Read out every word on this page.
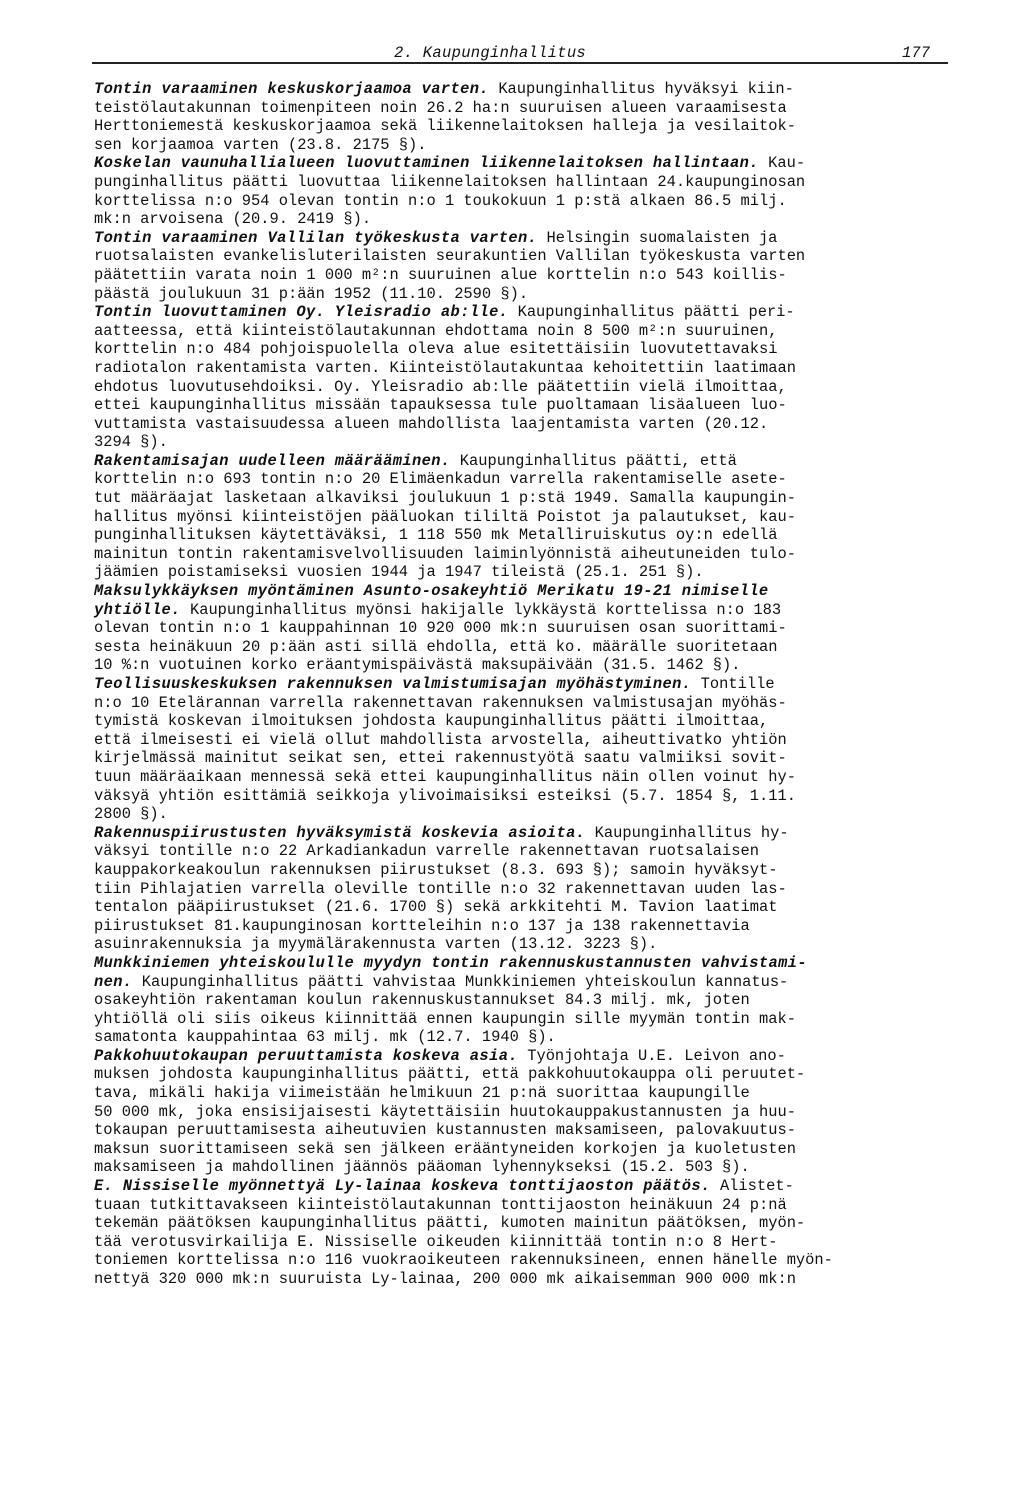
2. Kaupunginhallitus	177
Tontin varaaminen keskuskorjaamoa varten. Kaupunginhallitus hyväksyi kiin-
teistölautakunnan toimenpiteen noin 26.2 ha:n suuruisen alueen varaamisesta
Herttoniemestä keskuskorjaamoa sekä liikennelaitoksen halleja ja vesilaitok-
sen korjaamoa varten (23.8. 2175 §).
Koskelan vaunuhallialueen luovuttaminen liikennelaitoksen hallintaan. Kau-
punginhallitus päätti luovuttaa liikennelaitoksen hallintaan 24.kaupunginosan
korttelissa n:o 954 olevan tontin n:o 1 toukokuun 1 p:stä alkaen 86.5 milj.
mk:n arvoisena (20.9. 2419 §).
Tontin varaaminen Vallilan työkeskusta varten. Helsingin suomalaisten ja
ruotsalaisten evankelisluterilaisten seurakuntien Vallilan työkeskusta varten
päätettiin varata noin 1 000 m²:n suuruinen alue korttelin n:o 543 koillis-
päästä joulukuun 31 p:ään 1952 (11.10. 2590 §).
Tontin luovuttaminen Oy. Yleisradio ab:lle. Kaupunginhallitus päätti peri-
aatteessa, että kiinteistölautakunnan ehdottama noin 8 500 m²:n suuruinen,
korttelin n:o 484 pohjoispuolella oleva alue esitettäisiin luovutettavaksi
radiotalon rakentamista varten. Kiinteistölautakuntaa kehoitettiin laatimaan
ehdotus luovutusehdoiksi. Oy. Yleisradio ab:lle päätettiin vielä ilmoittaa,
ettei kaupunginhallitus missään tapauksessa tule puoltamaan lisäalueen luo-
vuttamista vastaisuudessa alueen mahdollista laajentamista varten (20.12.
3294 §).
Rakentamisajan uudelleen määrääminen. Kaupunginhallitus päätti, että
korttelin n:o 693 tontin n:o 20 Elimäenkadun varrella rakentamiselle asete-
tut määräajat lasketaan alkaviksi joulukuun 1 p:stä 1949. Samalla kaupungin-
hallitus myönsi kiinteistöjen pääluokan tililtä Poistot ja palautukset, kau-
punginhallituksen käytettäväksi, 1 118 550 mk Metalliruiskutus oy:n edellä
mainitun tontin rakentamisvelvollisuuden laiminlyönnistä aiheutuneiden tulo-
jäämien poistamiseksi vuosien 1944 ja 1947 tileistä (25.1. 251 §).
Maksulykkäyksen myöntäminen Asunto-osakeyhtiö Merikatu 19-21 nimiselle
yhtiölle. Kaupunginhallitus myönsi hakijalle lykkäystä korttelissa n:o 183
olevan tontin n:o 1 kauppahinnan 10 920 000 mk:n suuruisen osan suorittami-
sesta heinäkuun 20 p:ään asti sillä ehdolla, että ko. määrälle suoritetaan
10 %:n vuotuinen korko eräantymispäivästä maksupäivään (31.5. 1462 §).
Teollisuuskeskuksen rakennuksen valmistumisajan myöhästyminen. Tontille
n:o 10 Etelärannan varrella rakennettavan rakennuksen valmistusajan myöhäs-
tymistä koskevan ilmoituksen johdosta kaupunginhallitus päätti ilmoittaa,
että ilmeisesti ei vielä ollut mahdollista arvostella, aiheuttivatko yhtiön
kirjelmässä mainitut seikat sen, ettei rakennustyötä saatu valmiiksi sovit-
tuun määräaikaan mennessä sekä ettei kaupunginhallitus näin ollen voinut hy-
väksyä yhtiön esittämiä seikkoja ylivoimaisiksi esteiksi (5.7. 1854 §, 1.11.
2800 §).
Rakennuspiirustusten hyväksymistä koskevia asioita. Kaupunginhallitus hy-
väksyi tontille n:o 22 Arkadiankadun varrelle rakennettavan ruotsalaisen
kauppakorkeakoulun rakennuksen piirustukset (8.3. 693 §); samoin hyväksyt-
tiin Pihlajatien varrella oleville tontille n:o 32 rakennettavan uuden las-
tentalon pääpiirustukset (21.6. 1700 §) sekä arkkitehti M. Tavion laatimat
piirustukset 81.kaupunginosan kortteleihin n:o 137 ja 138 rakennettavia
asuinrakennuksia ja myymälärakennusta varten (13.12. 3223 §).
Munkkiniemen yhteiskoululle myydyn tontin rakennuskustannusten vahvistami-
nen. Kaupunginhallitus päätti vahvistaa Munkkiniemen yhteiskoulun kannatus-
osakeyhtiön rakentaman koulun rakennuskustannukset 84.3 milj. mk, joten
yhtiöllä oli siis oikeus kiinnittää ennen kaupungin sille myymän tontin mak-
samatonta kauppahintaa 63 milj. mk (12.7. 1940 §).
Pakkohuutokaupan peruuttamista koskeva asia. Työnjohtaja U.E. Leivon ano-
muksen johdosta kaupunginhallitus päätti, että pakkohuutokauppa oli peruutet-
tava, mikäli hakija viimeistään helmikuun 21 p:nä suorittaa kaupungille
50 000 mk, joka ensisijaisesti käytettäisiin huutokauppakustannusten ja huu-
tokaupan peruuttamisesta aiheutuvien kustannusten maksamiseen, palovakuutus-
maksun suorittamiseen sekä sen jälkeen erääntyneiden korkojen ja kuoletusten
maksamiseen ja mahdollinen jäännös pääoman lyhennykseksi (15.2. 503 §).
E. Nissiselle myönnettyä Ly-lainaa koskeva tonttijaoston päätös. Alistet-
tuaan tutkittavakseen kiinteistölautakunnan tonttijaoston heinäkuun 24 p:nä
tekemän päätöksen kaupunginhallitus päätti, kumoten mainitun päätöksen, myön-
tää verotusvirkailija E. Nissiselle oikeuden kiinnittää tontin n:o 8 Hert-
toniemen korttelissa n:o 116 vuokraoikeuteen rakennuksineen, ennen hänelle myön-
nettyä 320 000 mk:n suuruista Ly-lainaa, 200 000 mk aikaisemman 900 000 mk:n
